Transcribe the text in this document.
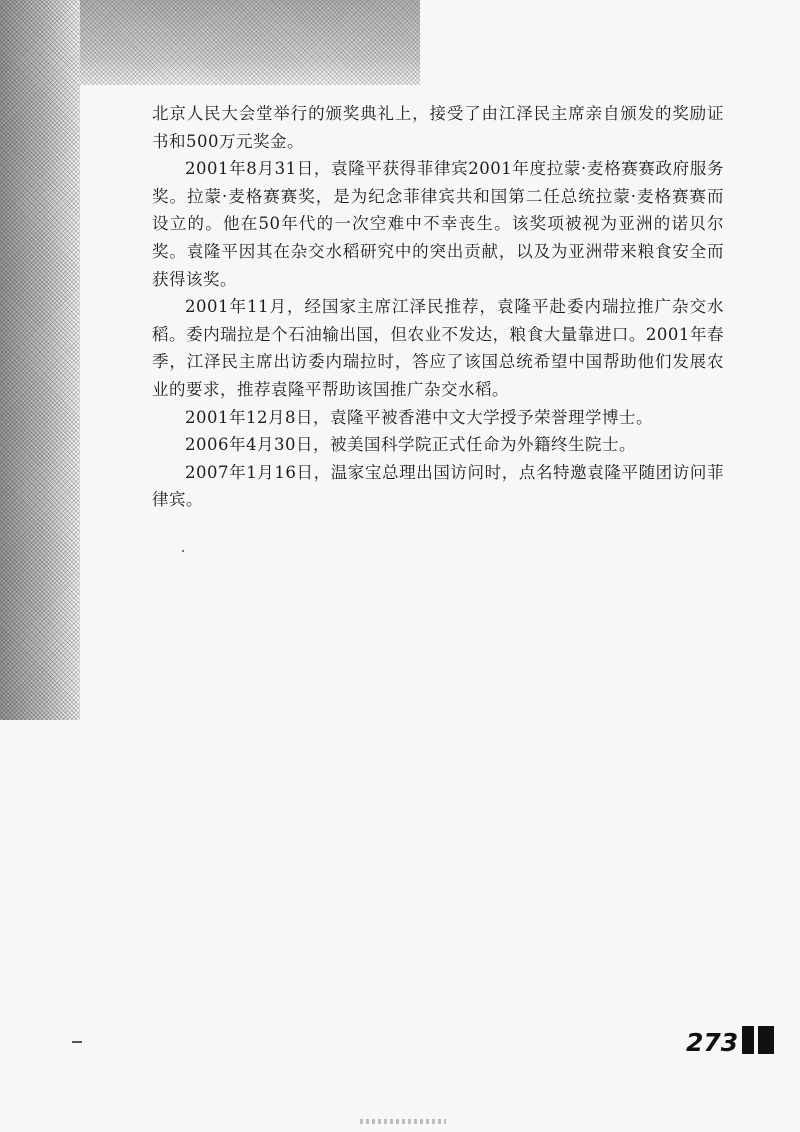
北京人民大会堂举行的颁奖典礼上，接受了由江泽民主席亲自颁发的奖励证书和500万元奖金。

2001年8月31日，袁隆平获得菲律宾2001年度拉蒙·麦格赛赛政府服务奖。拉蒙·麦格赛赛奖，是为纪念菲律宾共和国第二任总统拉蒙·麦格赛赛而设立的。他在50年代的一次空难中不幸丧生。该奖项被视为亚洲的诺贝尔奖。袁隆平因其在杂交水稻研究中的突出贡献，以及为亚洲带来粮食安全而获得该奖。

2001年11月，经国家主席江泽民推荐，袁隆平赴委内瑞拉推广杂交水稻。委内瑞拉是个石油输出国，但农业不发达，粮食大量靠进口。2001年春季，江泽民主席出访委内瑞拉时，答应了该国总统希望中国帮助他们发展农业的要求，推荐袁隆平帮助该国推广杂交水稻。

2001年12月8日，袁隆平被香港中文大学授予荣誉理学博士。

2006年4月30日，被美国科学院正式任命为外籍终生院士。

2007年1月16日，温家宝总理出国访问时，点名特邀袁隆平随团访问菲律宾。

273
